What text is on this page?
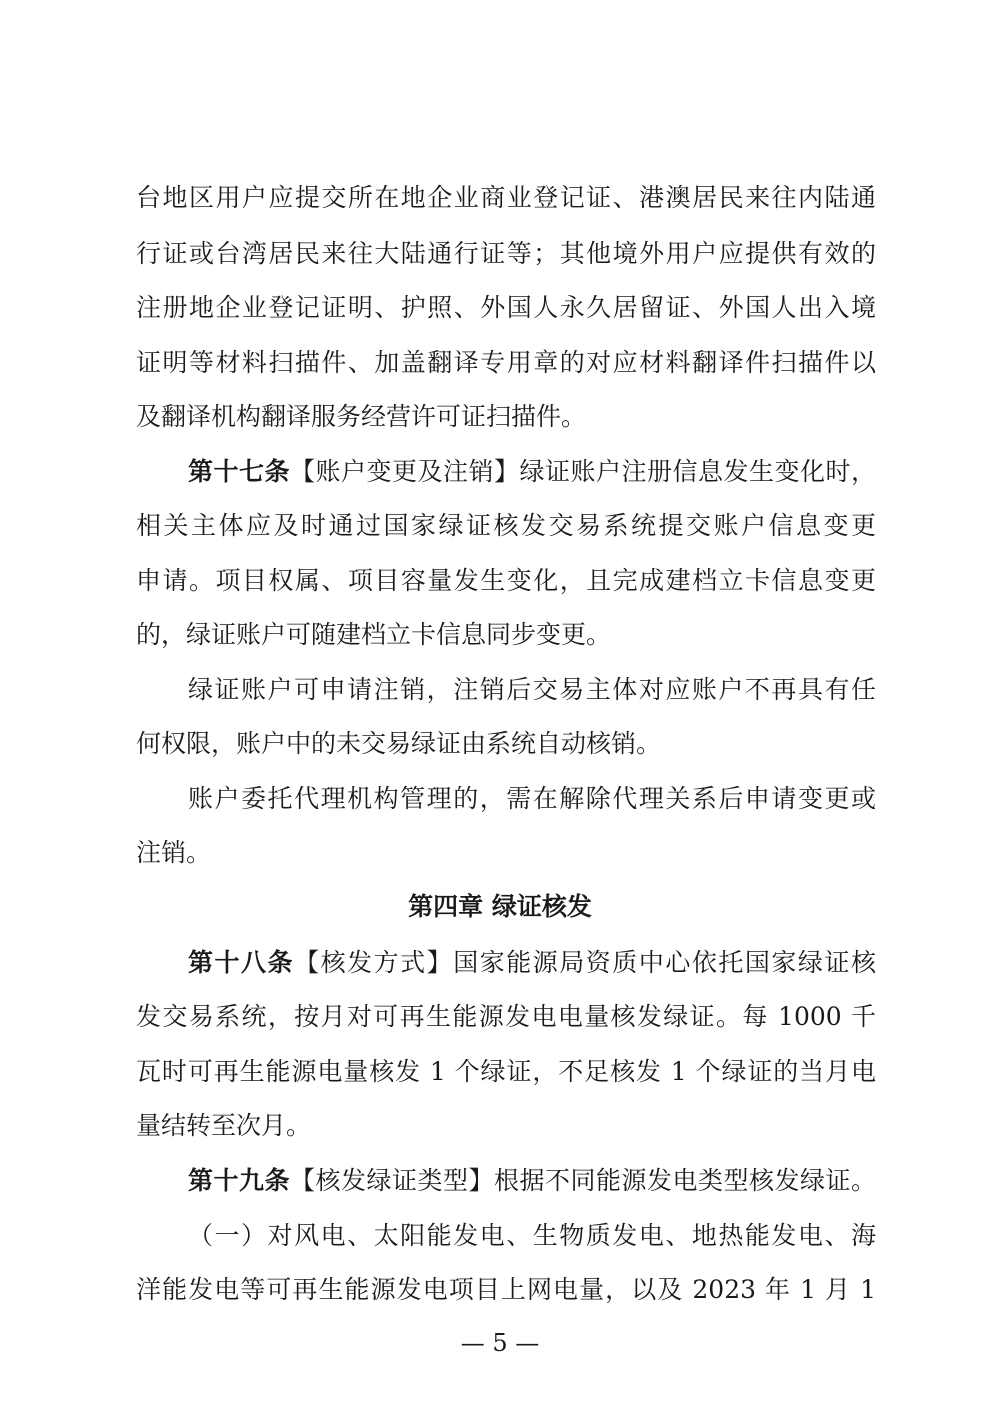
台地区用户应提交所在地企业商业登记证、港澳居民来往内陆通
行证或台湾居民来往大陆通行证等；其他境外用户应提供有效的
注册地企业登记证明、护照、外国人永久居留证、外国人出入境
证明等材料扫描件、加盖翻译专用章的对应材料翻译件扫描件以
及翻译机构翻译服务经营许可证扫描件。
第十七条【账户变更及注销】绿证账户注册信息发生变化时，
相关主体应及时通过国家绿证核发交易系统提交账户信息变更
申请。项目权属、项目容量发生变化，且完成建档立卡信息变更
的，绿证账户可随建档立卡信息同步变更。
绿证账户可申请注销，注销后交易主体对应账户不再具有任
何权限，账户中的未交易绿证由系统自动核销。
账户委托代理机构管理的，需在解除代理关系后申请变更或
注销。
第四章 绿证核发
第十八条【核发方式】国家能源局资质中心依托国家绿证核
发交易系统，按月对可再生能源发电电量核发绿证。每 1000 千
瓦时可再生能源电量核发 1 个绿证，不足核发 1 个绿证的当月电
量结转至次月。
第十九条【核发绿证类型】根据不同能源发电类型核发绿证。
（一）对风电、太阳能发电、生物质发电、地热能发电、海
洋能发电等可再生能源发电项目上网电量，以及 2023 年 1 月 1
— 5 —
